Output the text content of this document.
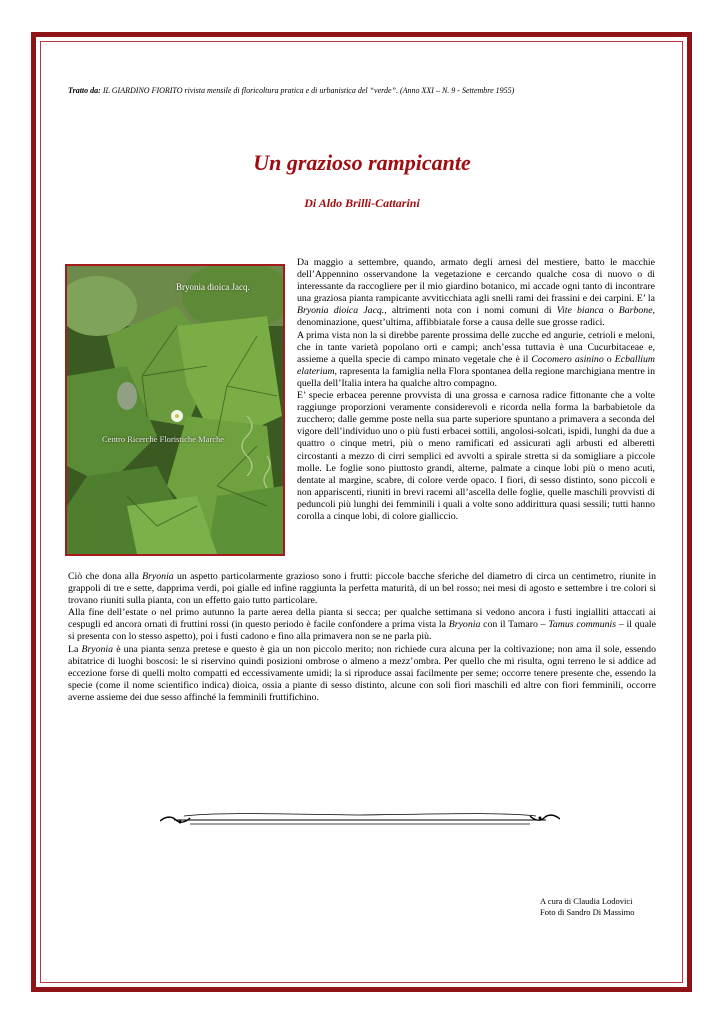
Tratto da: IL GIARDINO FIORITO rivista mensile di floricoltura pratica e di urbanistica del “verde”. (Anno XXI – N. 9 - Settembre 1955)
Un grazioso rampicante
Di Aldo Brilli-Cattarini
Bryonia dioica Jacq.
Centro Ricerche Floristiche Marche

Da maggio a settembre, quando, armato degli arnesi del mestiere, batto le macchie dell’Appennino osservandone la vegetazione e cercando qualche cosa di nuovo o di interessante da raccogliere per il mio giardino botanico, mi accade ogni tanto di incontrare una graziosa pianta rampicante avviticchiata agli snelli rami dei frassini e dei carpini. E’ la Bryonia dioica Jacq., altrimenti nota con i nomi comuni di Vite bianca o Barbone, denominazione, quest’ultima, affibbiatale forse a causa delle sue grosse radici.

A prima vista non la si direbbe parente prossima delle zucche ed angurie, cetrioli e meloni, che in tante varietà popolano orti e campi; anch’essa tuttavia è una Cucurbitaceae e, assieme a quella specie di campo minato vegetale che è il Cocomero asinino o Ecballium elaterium, rapresenta la famiglia nella Flora spontanea della regione marchigiana mentre in quella dell’Italia intera ha qualche altro compagno.

E’ specie erbacea perenne provvista di una grossa e carnosa radice fittonante che a volte raggiunge proporzioni veramente considerevoli e ricorda nella forma la barbabietole da zucchero; dalle gemme poste nella sua parte superiore spuntano a primavera a seconda del vigore dell’individuo uno o più fusti erbacei sottili, angolosi-solcati, ispidi, lunghi da due a quattro o cinque metri, più o meno ramificati ed assicurati agli arbusti ed alberetti circostanti a mezzo di cirri semplici ed avvolti a spirale stretta si da somigliare a piccole molle. Le foglie sono piuttosto grandi, alterne, palmate a cinque lobi più o meno acuti, dentate al margine, scabre, di colore verde opaco. I fiori, di sesso distinto, sono piccoli e non appariscenti, riuniti in brevi racemi all’ascella delle foglie, quelle maschili provvisti di peduncoli più lunghi dei femminili i quali a volte sono addirittura quasi sessili; tutti hanno corolla a cinque lobi, di colore gialliccio.

Ciò che dona alla Bryonia un aspetto particolarmente grazioso sono i frutti: piccole bacche sferiche del diametro di circa un centimetro, riunite in grappoli di tre e sette, dapprima verdi, poi gialle ed infine raggiunta la perfetta maturità, di un bel rosso; nei mesi di agosto e settembre i tre colori si trovano riuniti sulla pianta, con un effetto gaio tutto particolare.

Alla fine dell’estate o nel primo autunno la parte aerea della pianta si secca; per qualche settimana si vedono ancora i fusti ingialliti attaccati ai cespugli ed ancora ornati di fruttini rossi (in questo periodo è facile confondere a prima vista la Bryonia con il Tamaro – Tamus communis – il quale si presenta con lo stesso aspetto), poi i fusti cadono e fino alla primavera non se ne parla più.

La Bryonia è una pianta senza pretese e questo è gia un non piccolo merito; non richiede cura alcuna per la coltivazione; non ama il sole, essendo abitatrice di luoghi boscosi: le si riservino quindi posizioni ombrose o almeno a mezz’ombra. Per quello che mi risulta, ogni terreno le si addice ad eccezione forse di quelli molto compatti ed eccessivamente umidi; la si riproduce assai facilmente per seme; occorre tenere presente che, essendo la specie (come il nome scientifico indica) dioica, ossia a piante di sesso distinto, alcune con soli fiori maschili ed altre con fiori femminili, occorre averne assieme dei due sesso affinché la femminili fruttifichino.

A cura di Claudia Lodovici
Foto di Sandro Di Massimo
